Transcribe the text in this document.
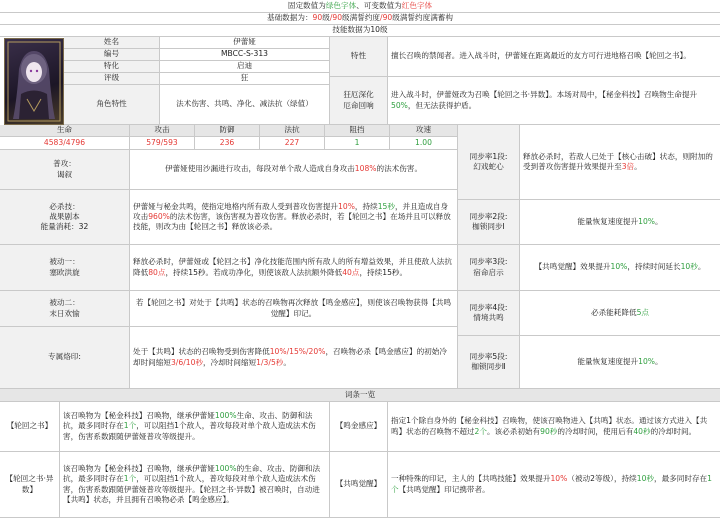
固定数值为 绿色字体 、可变数值为 红色字体
基础数据为： 90 级 /90 级满誓约度 /90 级满誓约度满蓄构
技能数据为10级
姓名	伊蕾娅
编号	MBCC-S-313
特化	启迪
评级	狂
角色特性	法术伤害、共鸣、净化、减法抗（绿值）
特性	擅长召唤的禁闻者。进入战斗时，伊蕾娅在距离最近的友方可行进地格召唤【轮回之书】。
狂厄深化
厄命回响
进入战斗时，伊蕾娅改为召唤【轮回之书·异数】。本场对局中，【秘金科技】召唤物生命提升50%，但无法获得护盾。
生命	攻击	防御	法抗	阻挡	攻速
4583/4796	579/593	236	227	1	1.00
普攻：
谒叙
伊蕾娅使用沙漏进行攻击，每段对单个敌人造成自身攻击108%的法术伤害。
必杀技：
战果剧本
能量消耗：32
伊蕾娅与秘金共鸣，使指定地格内所有敌人受到普攻伤害提升10%，持续15秒，并且造成自身攻击960%的法术伤害，该伤害视为普攻伤害。释放必杀时，若【轮回之书】在场并且可以释放技能，则改为由【轮回之书】释放该必杀。
被动一：
塞欧洪旋
释放必杀时，伊蕾娅或【轮回之书】净化技能范围内所有敌人的所有增益效果，并且使敌人法抗降低80点，持续15秒。若成功净化，则使该敌人法抗额外降低40点，持续15秒。
被动二：
末日欢愉
若【轮回之书】对处于【共鸣】状态的召唤物再次释放【鸣金感应】，则使该召唤物获得【共鸣觉醒】印记。
专属烙印:
处于【共鸣】状态的召唤物受到伤害降低10%/15%/20%，召唤物必杀【鸣金感应】的初始冷却时间缩短3/6/10秒，冷却时间缩短1/3/5秒。
同步率1段:
幻戏蛇心
释放必杀时，若敌人已处于【核心击破】状态，则附加的受到普攻伤害提升效果提升至3倍。
同步率2段:
枷锁同步Ⅰ
能量恢复速度提升10%。
同步率3段:
宿命启示
【共鸣觉醒】效果提升10%，持续时间延长10秒。
同步率4段:
情境共鸣
必杀能耗降低5点
同步率5段:
枷锁同步Ⅱ
能量恢复速度提升10%。
词条一览
【轮回之书】
该召唤物为【秘金科技】召唤物，继承伊蕾娅100%生命、攻击、防御和法抗，最多同时存在1个，可以阻挡1个敌人，普攻每段对单个敌人造成法术伤害，伤害系数跟随伊蕾娅普攻等级提升。
【鸣金感应】
指定1个除自身外的【秘金科技】召唤物，使该召唤物进入【共鸣】状态。通过该方式进入【共鸣】状态的召唤物不超过2个。该必杀初始有90秒的冷却时间，使用后有40秒的冷却时间。
【轮回之书·异数】
该召唤物为【秘金科技】召唤物，继承伊蕾娅100%的生命、攻击、防御和法抗，最多同时存在1个，可以阻挡1个敌人，普攻每段对单个敌人造成法术伤害，伤害系数跟随伊蕾娅普攻等级提升。【轮回之书·异数】被召唤时，自动进【共鸣】状态，并且拥有召唤物必杀【鸣金感应】。
【共鸣觉醒】
一种特殊的印记，主人的【共鸣技能】效果提升10%（被动2等级），持续10秒，最多同时存在1个【共鸣觉醒】印记携带者。
